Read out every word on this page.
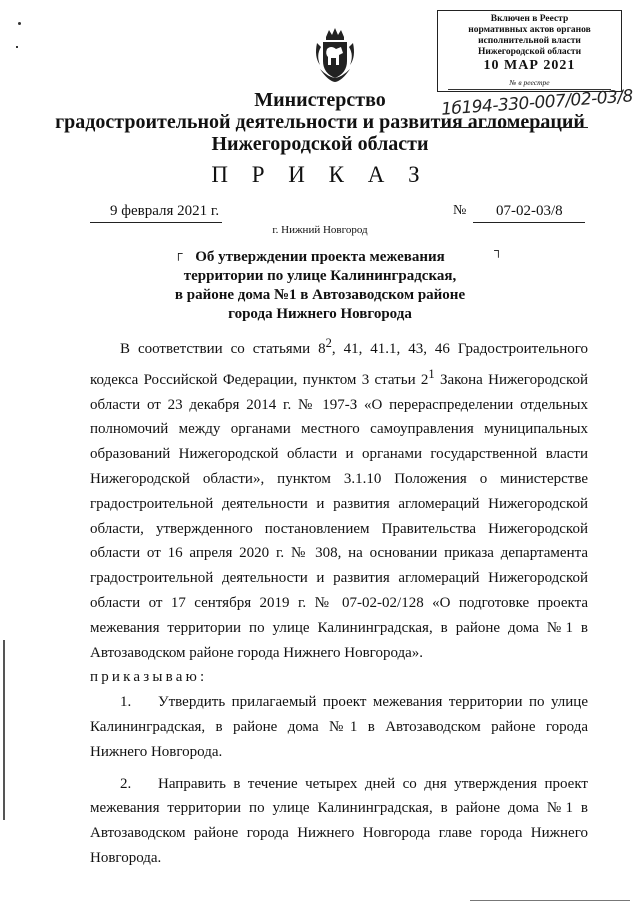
Включен в Реестр
нормативных актов органов
исполнительной власти
Нижегородской области
10 МАР 2021
№ в реестре
1б194-330-007/02-03/8
Министерство
градостроительной деятельности и развития агломераций
Нижегородской области
П Р И К А З
9 февраля 2021 г.	№ 07-02-03/8
г. Нижний Новгород
┌	┐
Об утверждении проекта межевания
территории по улице Калининградская,
в районе дома №1 в Автозаводском районе
города Нижнего Новгорода

В соответствии со статьями $8^2$, 41, 41.1, 43, 46 Градостроительного кодекса Российской Федерации, пунктом 3 статьи $2^1$ Закона Нижегородской области от 23 декабря 2014 г. № 197-З «О перераспределении отдельных полномочий между органами местного самоуправления муниципальных образований Нижегородской области и органами государственной власти Нижегородской области», пунктом 3.1.10 Положения о министерстве градостроительной деятельности и развития агломераций Нижегородской области, утвержденного постановлением Правительства Нижегородской области от 16 апреля 2020 г. № 308, на основании приказа департамента градостроительной деятельности и развития агломераций Нижегородской области от 17 сентября 2019 г. № 07-02-02/128 «О подготовке проекта межевания территории по улице Калининградская, в районе дома №1 в Автозаводском районе города Нижнего Новгорода».

приказываю:

1. Утвердить прилагаемый проект межевания территории по улице Калининградская, в районе дома №1 в Автозаводском районе города Нижнего Новгорода.

2. Направить в течение четырех дней со дня утверждения проект межевания территории по улице Калининградская, в районе дома №1 в Автозаводском районе города Нижнего Новгорода главе города Нижнего Новгорода.
